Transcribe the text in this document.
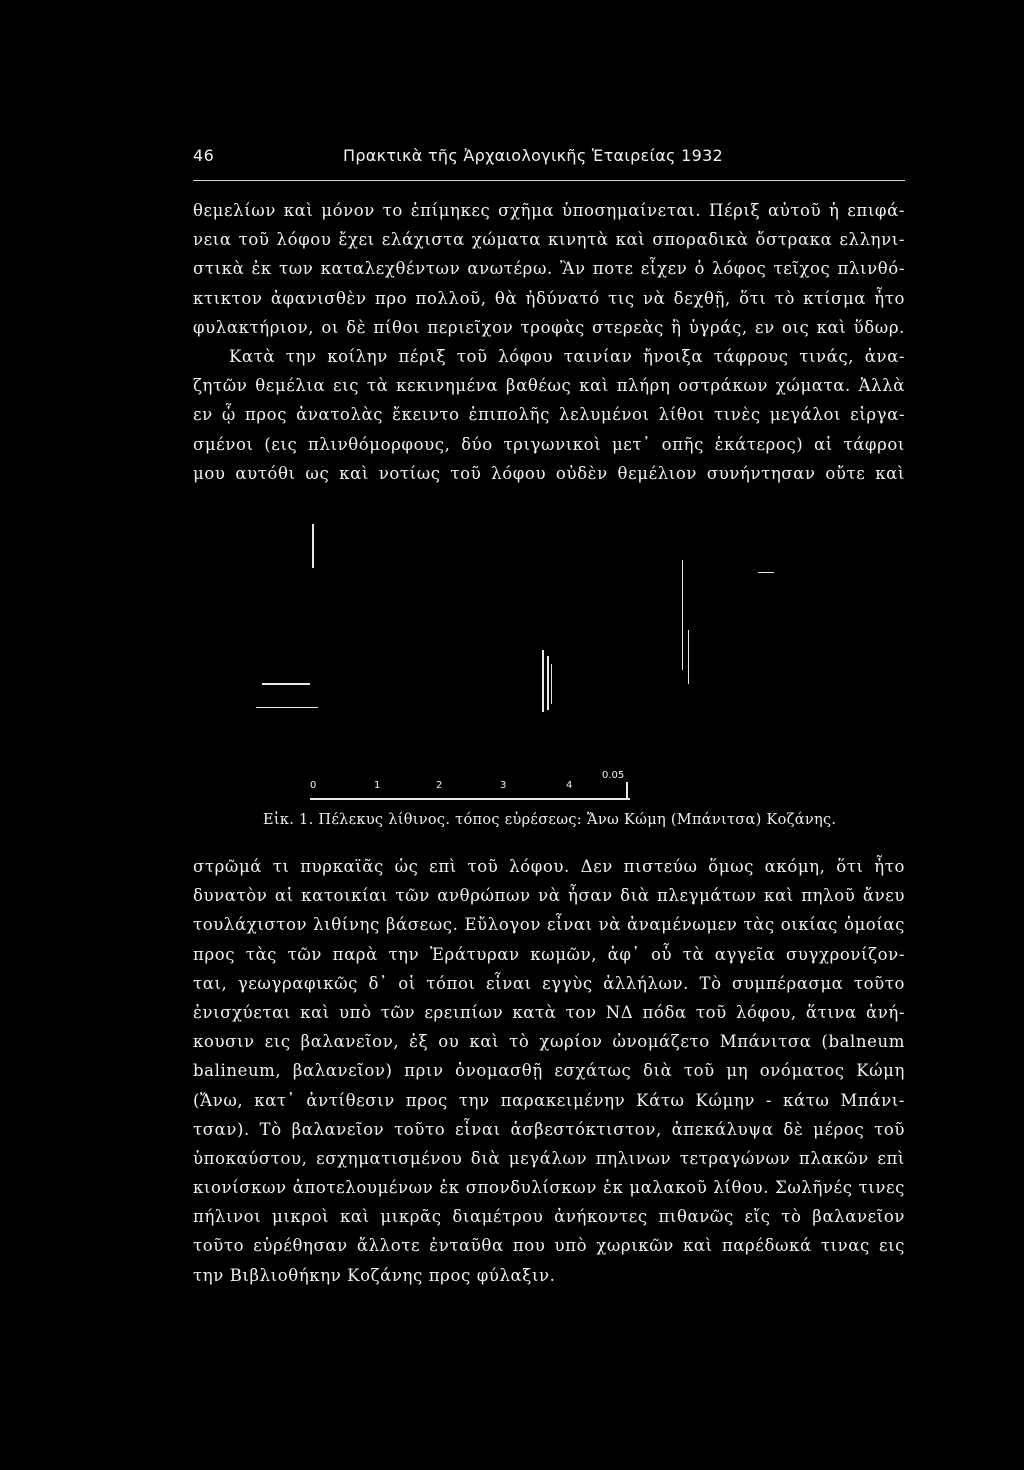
46	Πρακτικὰ τῆς Ἀρχαιολογικῆς Ἑταιρείας 1932
θεμελίων καὶ μόνον το ἐπίμηκες σχῆμα ὑποσημαίνεται. Πέριξ αὐτοῦ ἡ επιφά-
νεια τοῦ λόφου ἔχει ελάχιστα χώματα κινητὰ καὶ σποραδικὰ ὄστρακα ελληνι-
στικὰ ἐκ των καταλεχθέντων ανωτέρω. Ἂν ποτε εἶχεν ὁ λόφος τεῖχος πλινθό-
κτικτον ἀφανισθὲν προ πολλοῦ, θὰ ἠδύνατό τις νὰ δεχθῇ, ὅτι τὸ κτίσμα ἦτο
φυλακτήριον, οι δὲ πίθοι περιεῖχον τροφὰς στερεὰς ἢ ὑγράς, εν οις καὶ ὕδωρ.
Κατὰ την κοίλην πέριξ τοῦ λόφου ταινίαν ἤνοιξα τάφρους τινάς, ἀνα-
ζητῶν θεμέλια εις τὰ κεκινημένα βαθέως καὶ πλήρη οστράκων χώματα. Ἀλλὰ
εν ᾧ προς ἀνατολὰς ἔκειντο ἐπιπολῆς λελυμένοι λίθοι τινὲς μεγάλοι εἰργα-
σμένοι (εις πλινθόμορφους, δύο τριγωνικοὶ μετ᾽ οπῆς ἑκάτερος) αἱ τάφροι
μου αυτόθι ως καὶ νοτίως τοῦ λόφου οὐδὲν θεμέλιον συνήντησαν οὔτε καὶ
0	1	2	3	4
0.05
Εἰκ. 1. Πέλεκυς λίθινος. τόπος εὑρέσεως: Ἄνω Κώμη (Μπάνιτσα) Κοζάνης.
στρῶμά τι πυρκαϊᾶς ὡς επὶ τοῦ λόφου. Δεν πιστεύω ὅμως ακόμη, ὅτι ἦτο
δυνατὸν αἱ κατοικίαι τῶν ανθρώπων νὰ ἦσαν διὰ πλεγμάτων καὶ πηλοῦ ἄνευ
τουλάχιστον λιθίνης βάσεως. Εὔλογον εἶναι νὰ ἀναμένωμεν τὰς οικίας ὁμοίας
προς τὰς τῶν παρὰ την Ἐράτυραν κωμῶν, ἀφ᾽ οὗ τὰ αγγεῖα συγχρονίζον-
ται, γεωγραφικῶς δ᾽ οἱ τόποι εἶναι εγγὺς ἀλλήλων. Τὸ συμπέρασμα τοῦτο
ἐνισχύεται καὶ υπὸ τῶν ερειπίων κατὰ τον ΝΔ πόδα τοῦ λόφου, ἅτινα ἀνή-
κουσιν εις βαλανεῖον, ἐξ ου καὶ τὸ χωρίον ὠνομάζετο Μπάνιτσα (balneum
balineum, βαλανεῖον) πριν ὀνομασθῇ εσχάτως διὰ τοῦ μη ονόματος Κώμη
(Ἄνω, κατ᾽ ἀντίθεσιν προς την παρακειμένην Κάτω Κώμην - κάτω Μπάνι-
τσαν). Τὸ βαλανεῖον τοῦτο εἶναι ἀσβεστόκτιστον, ἀπεκάλυψα δὲ μέρος τοῦ
ὑποκαύστου, εσχηματισμένου διὰ μεγάλων πηλινων τετραγώνων πλακῶν επὶ
κιονίσκων ἀποτελουμένων ἐκ σπονδυλίσκων ἐκ μαλακοῦ λίθου. Σωλῆνές τινες
πήλινοι μικροὶ καὶ μικρᾶς διαμέτρου ἀνήκοντες πιθανῶς εἴς τὸ βαλανεῖον
τοῦτο εὑρέθησαν ἄλλοτε ἐνταῦθα που υπὸ χωρικῶν καὶ παρέδωκά τινας εις
την Βιβλιοθήκην Κοζάνης προς φύλαξιν.
